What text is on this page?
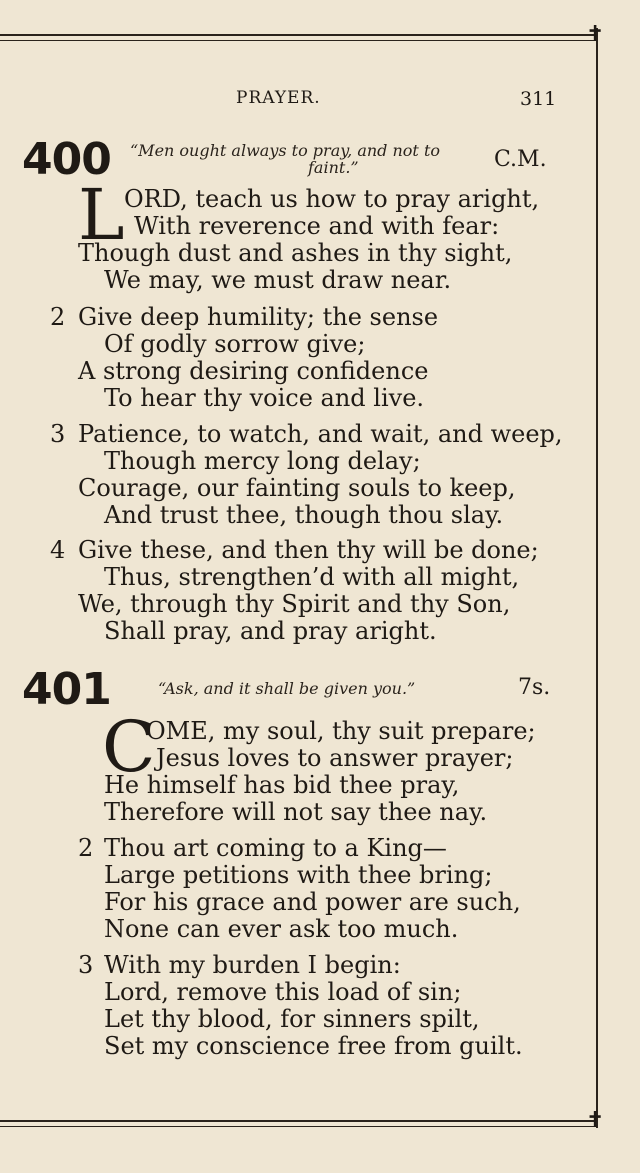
✝
✝
PRAYER.	311
400 “Men ought always to pray, and not to
faint.”	C.M.
L ORD, teach us how to pray aright,
With reverence and with fear:
Though dust and ashes in thy sight,
We may, we must draw near.
2 Give deep humility; the sense
Of godly sorrow give;
A strong desiring confidence
To hear thy voice and live.
3 Patience, to watch, and wait, and weep,
Though mercy long delay;
Courage, our fainting souls to keep,
And trust thee, though thou slay.
4 Give these, and then thy will be done;
Thus, strengthen’d with all might,
We, through thy Spirit and thy Son,
Shall pray, and pray aright.
401	“Ask, and it shall be given you.”	7s.
C
OME, my soul, thy suit prepare;
Jesus loves to answer prayer;
He himself has bid thee pray,
Therefore will not say thee nay.
2 Thou art coming to a King—
Large petitions with thee bring;
For his grace and power are such,
None can ever ask too much.
3 With my burden I begin:
Lord, remove this load of sin;
Let thy blood, for sinners spilt,
Set my conscience free from guilt.
